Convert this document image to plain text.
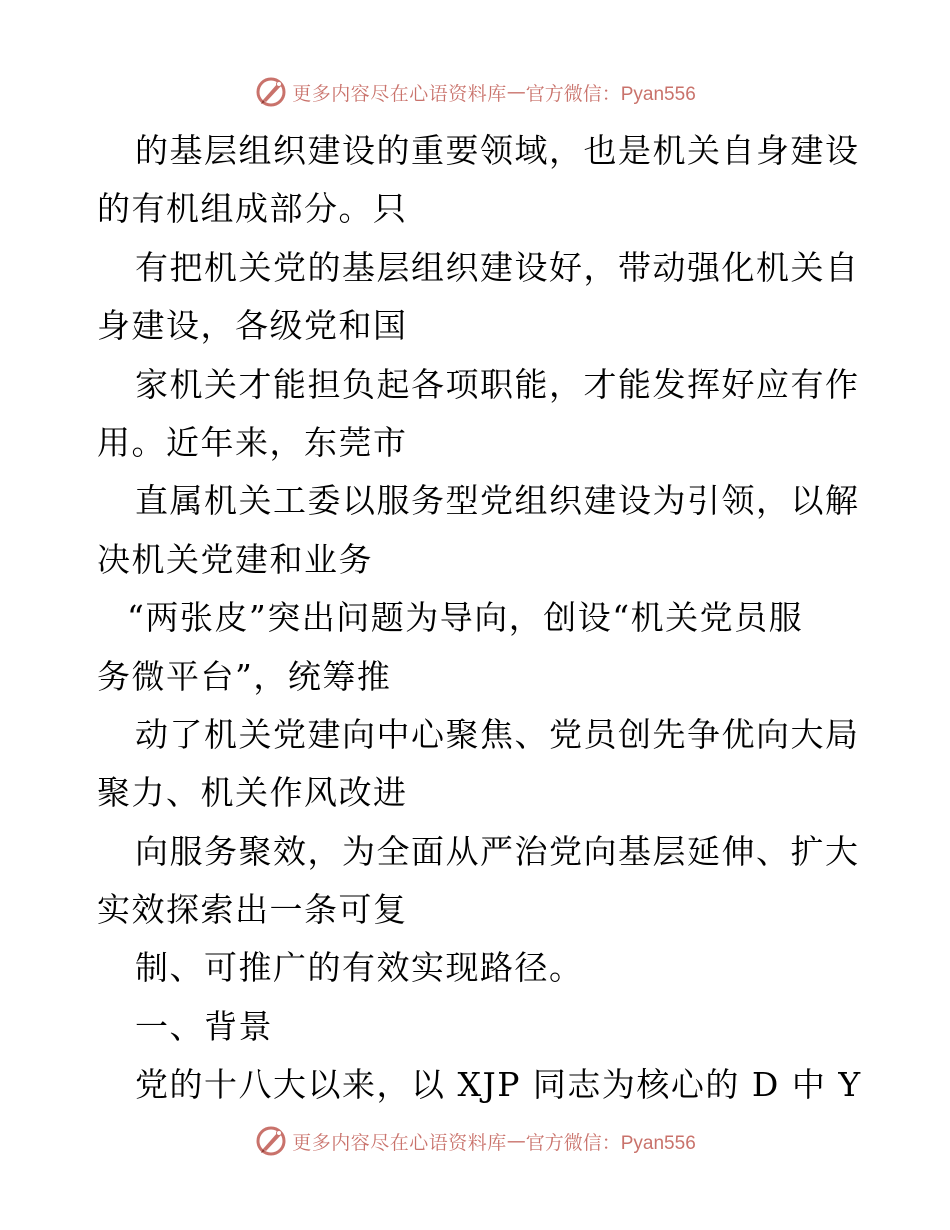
更多内容尽在心语资料库 — 官方微信：Pyan556
的基层组织建设的重要领域，也是机关自身建设
的有机组成部分。只
有把机关党的基层组织建设好，带动强化机关自
身建设，各级党和国
家机关才能担负起各项职能，才能发挥好应有作
用。近年来，东莞市
直属机关工委以服务型党组织建设为引领，以解
决机关党建和业务
“两张皮”突出问题为导向，创设“机关党员服
务微平台”，统筹推
动了机关党建向中心聚焦、党员创先争优向大局
聚力、机关作风改进
向服务聚效，为全面从严治党向基层延伸、扩大
实效探索出一条可复
制、可推广的有效实现路径。
一、背景
党的十八大以来，以 XJP 同志为核心的 D 中 Y
更多内容尽在心语资料库 — 官方微信：Pyan556
